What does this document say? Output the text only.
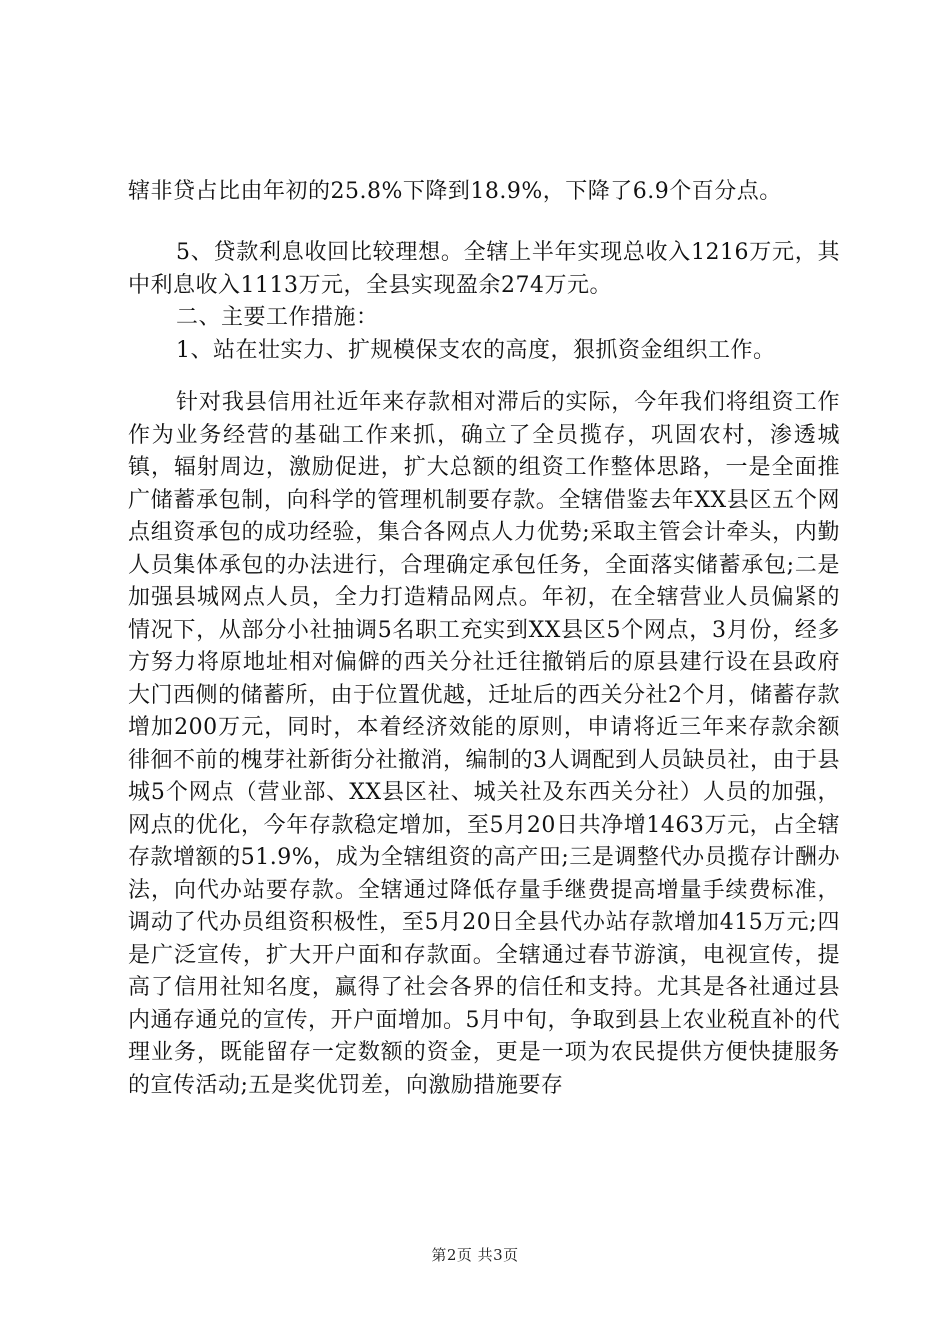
辖非贷占比由年初的25.8%下降到18.9%，下降了6.9个百分点。

5、贷款利息收回比较理想。全辖上半年实现总收入1216万元，其中利息收入1113万元，全县实现盈余274万元。

二、主要工作措施：

1、站在壮实力、扩规模保支农的高度，狠抓资金组织工作。

针对我县信用社近年来存款相对滞后的实际，今年我们将组资工作作为业务经营的基础工作来抓，确立了全员揽存，巩固农村，渗透城镇，辐射周边，激励促进，扩大总额的组资工作整体思路，一是全面推广储蓄承包制，向科学的管理机制要存款。全辖借鉴去年XX县区五个网点组资承包的成功经验，集合各网点人力优势;采取主管会计牵头，内勤人员集体承包的办法进行，合理确定承包任务，全面落实储蓄承包;二是加强县城网点人员，全力打造精品网点。年初，在全辖营业人员偏紧的情况下，从部分小社抽调5名职工充实到XX县区5个网点，3月份，经多方努力将原地址相对偏僻的西关分社迁往撤销后的原县建行设在县政府大门西侧的储蓄所，由于位置优越，迁址后的西关分社2个月，储蓄存款增加200万元，同时，本着经济效能的原则，申请将近三年来存款余额徘徊不前的槐芽社新街分社撤消，编制的3人调配到人员缺员社，由于县城5个网点（营业部、XX县区社、城关社及东西关分社）人员的加强，网点的优化，今年存款稳定增加，至5月20日共净增1463万元，占全辖存款增额的51.9%，成为全辖组资的高产田;三是调整代办员揽存计酬办法，向代办站要存款。全辖通过降低存量手继费提高增量手续费标准，调动了代办员组资积极性，至5月20日全县代办站存款增加415万元;四是广泛宣传，扩大开户面和存款面。全辖通过春节游演，电视宣传，提高了信用社知名度，赢得了社会各界的信任和支持。尤其是各社通过县内通存通兑的宣传，开户面增加。5月中旬，争取到县上农业税直补的代理业务，既能留存一定数额的资金，更是一项为农民提供方便快捷服务的宣传活动;五是奖优罚差，向激励措施要存

第2页 共3页
